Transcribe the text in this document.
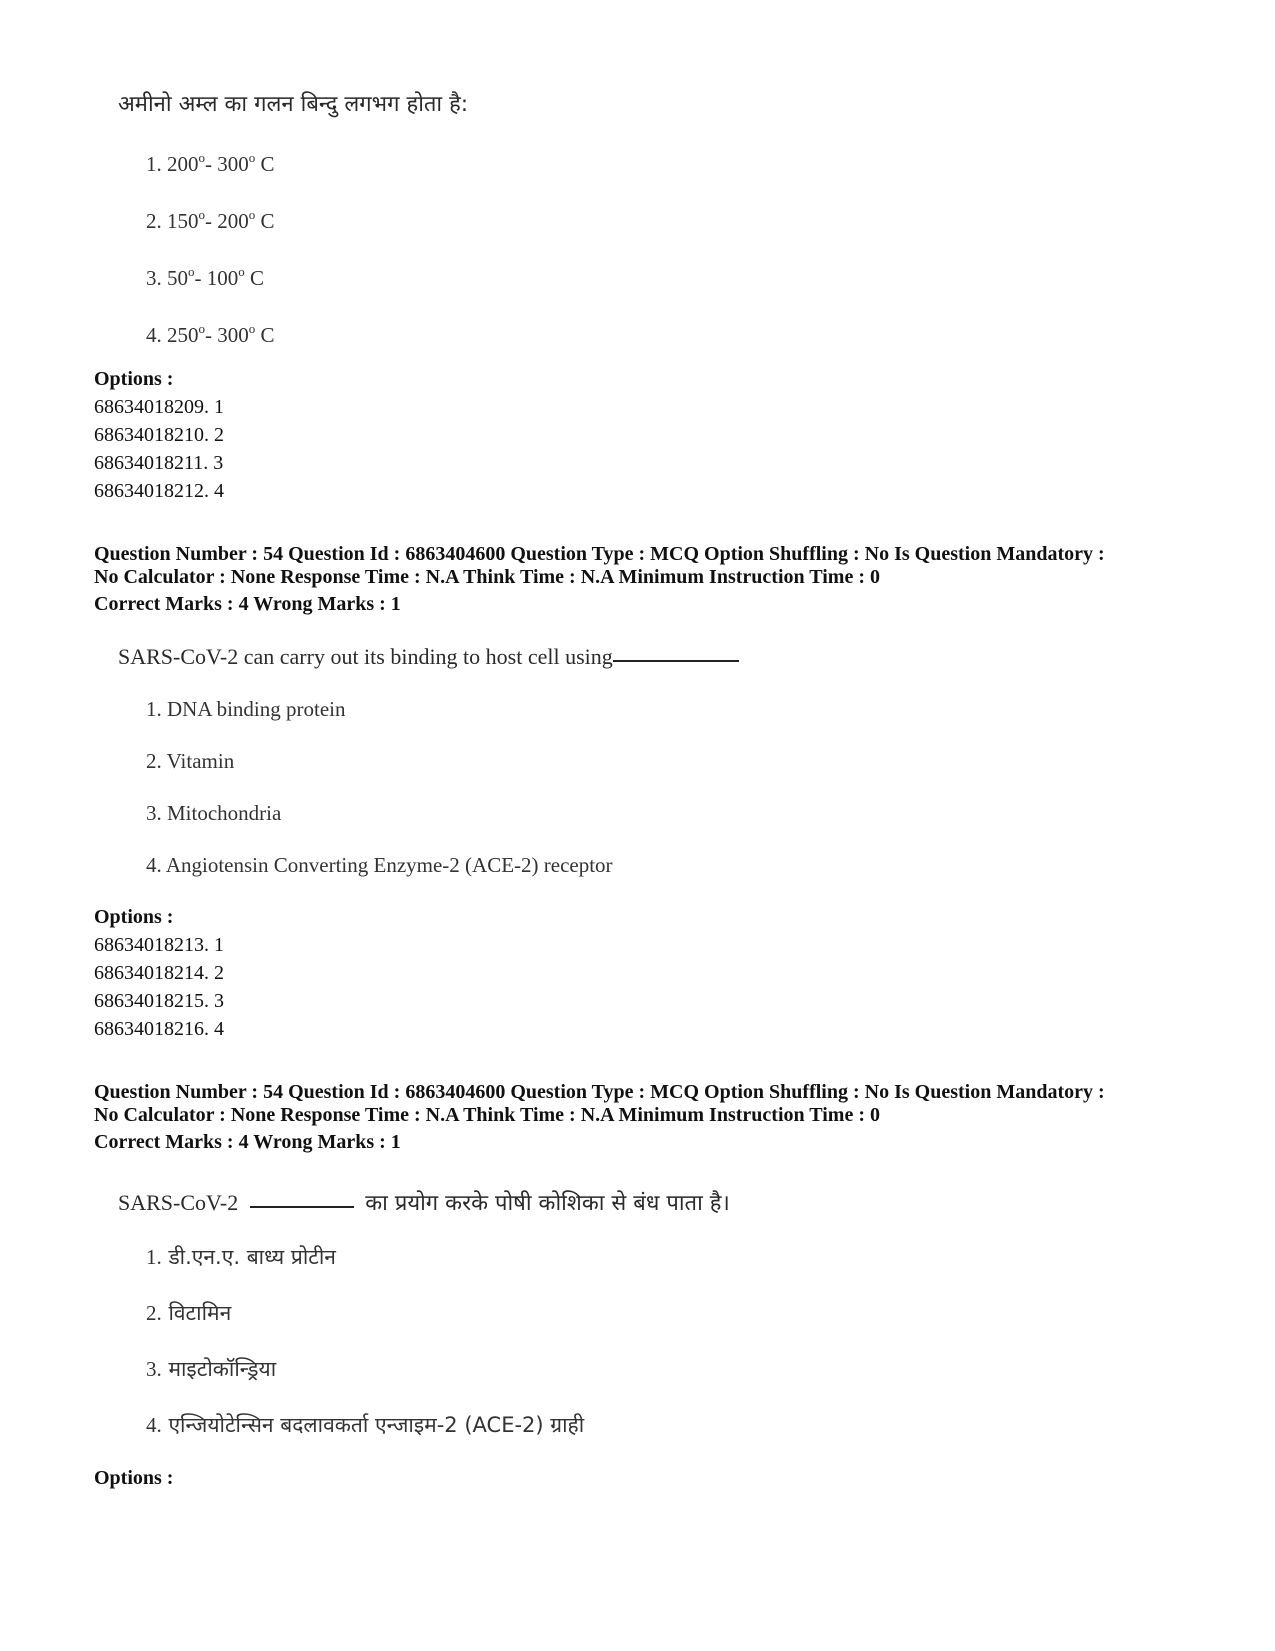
अमीनो अम्ल का गलन बिन्दु लगभग होता है:
1. 200$^o$- 300$^o$ C
2. 150$^o$- 200$^o$ C
3. 50$^o$- 100$^o$ C
4. 250$^o$- 300$^o$ C
Options :
68634018209. 1
68634018210. 2
68634018211. 3
68634018212. 4
Question Number : 54 Question Id : 6863404600 Question Type : MCQ Option Shuffling : No Is Question Mandatory :
No Calculator : None Response Time : N.A Think Time : N.A Minimum Instruction Time : 0
Correct Marks : 4 Wrong Marks : 1
SARS-CoV-2 can carry out its binding to host cell using
1. DNA binding protein
2. Vitamin
3. Mitochondria
4. Angiotensin Converting Enzyme-2 (ACE-2) receptor
Options :
68634018213. 1
68634018214. 2
68634018215. 3
68634018216. 4
Question Number : 54 Question Id : 6863404600 Question Type : MCQ Option Shuffling : No Is Question Mandatory :
No Calculator : None Response Time : N.A Think Time : N.A Minimum Instruction Time : 0
Correct Marks : 4 Wrong Marks : 1
SARS-CoV-2	का प्रयोग करके पोषी कोशिका से बंध पाता है।
1. डी.एन.ए. बाध्य प्रोटीन
2. विटामिन
3. माइटोकॉन्ड्रिया
4. एन्जियोटेन्सिन बदलावकर्ता एन्जाइम-2 (ACE-2) ग्राही
Options :
